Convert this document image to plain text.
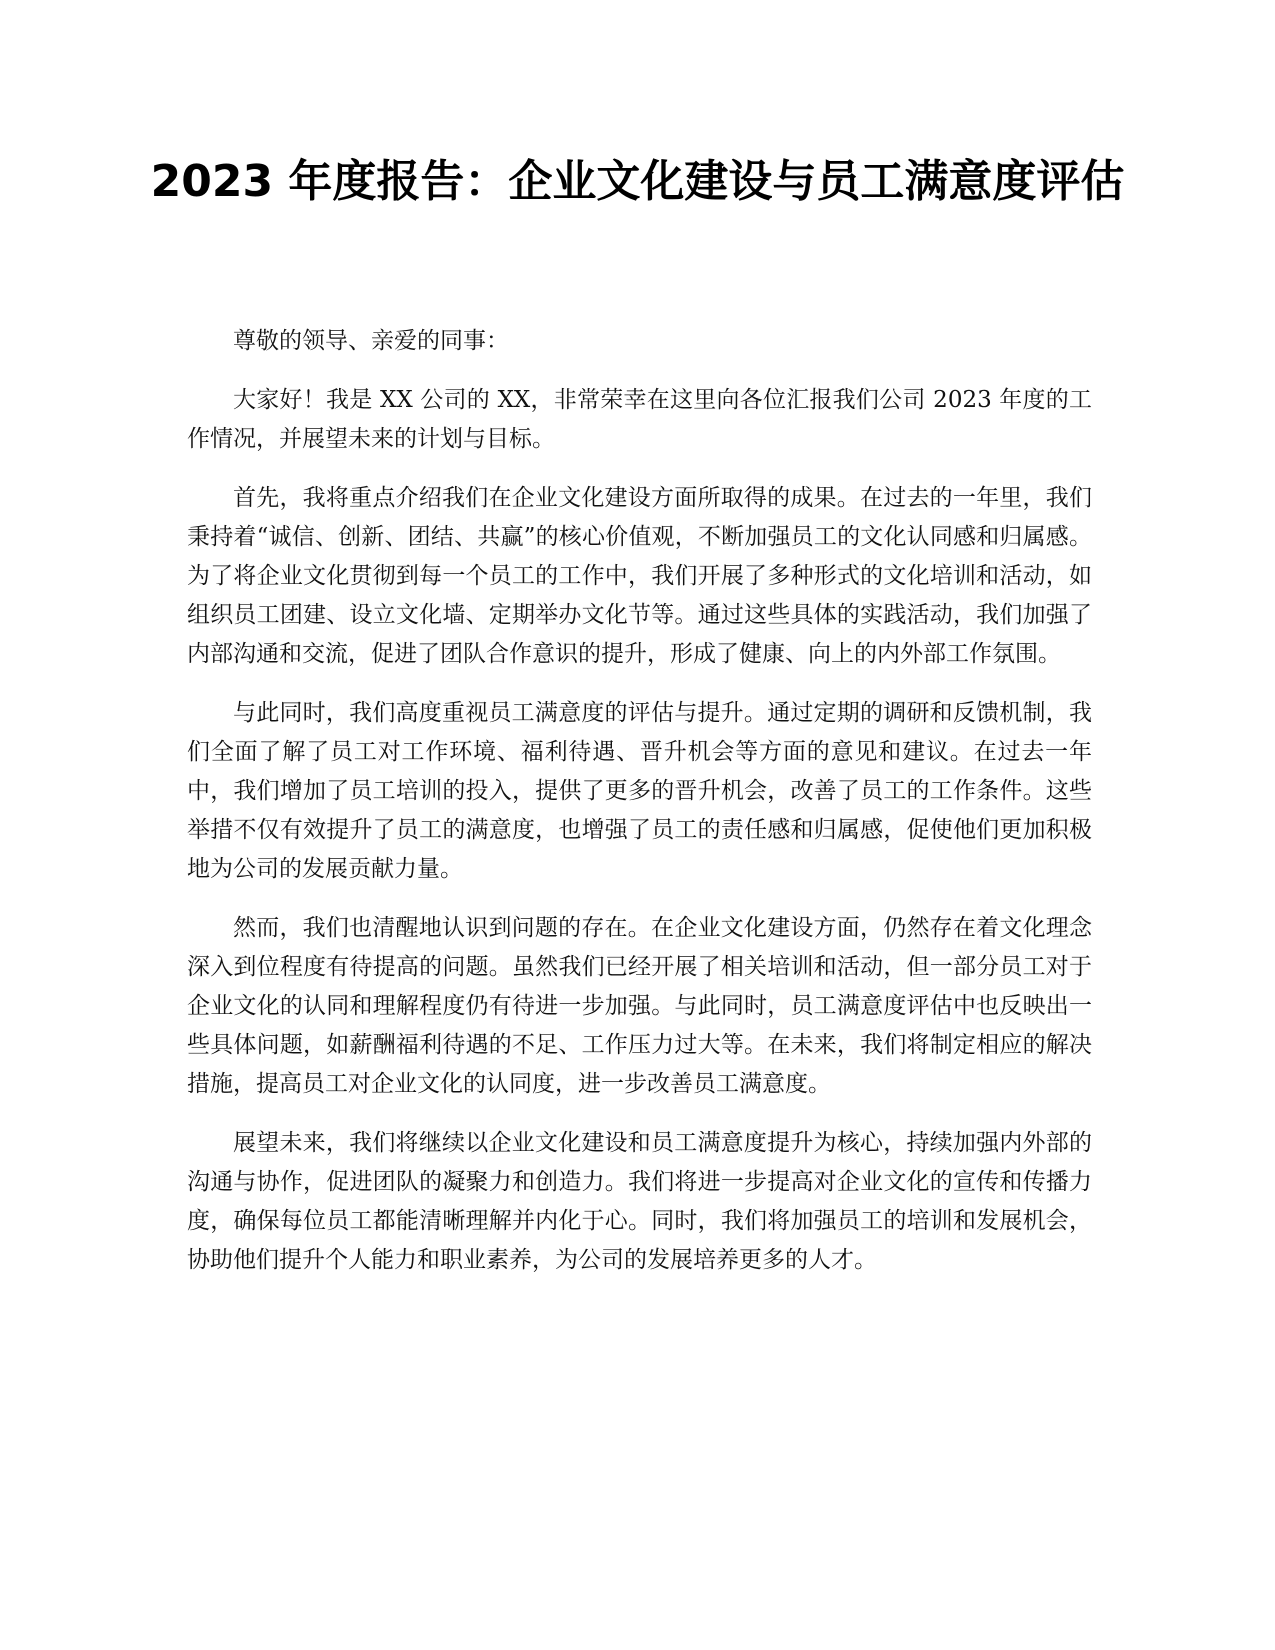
2023 年度报告：企业文化建设与员工满意度评估

尊敬的领导、亲爱的同事：

大家好！我是 XX 公司的 XX，非常荣幸在这里向各位汇报我们公司 2023 年度的工作情况，并展望未来的计划与目标。

首先，我将重点介绍我们在企业文化建设方面所取得的成果。在过去的一年里，我们秉持着“诚信、创新、团结、共赢”的核心价值观，不断加强员工的文化认同感和归属感。为了将企业文化贯彻到每一个员工的工作中，我们开展了多种形式的文化培训和活动，如组织员工团建、设立文化墙、定期举办文化节等。通过这些具体的实践活动，我们加强了内部沟通和交流，促进了团队合作意识的提升，形成了健康、向上的内外部工作氛围。

与此同时，我们高度重视员工满意度的评估与提升。通过定期的调研和反馈机制，我们全面了解了员工对工作环境、福利待遇、晋升机会等方面的意见和建议。在过去一年中，我们增加了员工培训的投入，提供了更多的晋升机会，改善了员工的工作条件。这些举措不仅有效提升了员工的满意度，也增强了员工的责任感和归属感，促使他们更加积极地为公司的发展贡献力量。

然而，我们也清醒地认识到问题的存在。在企业文化建设方面，仍然存在着文化理念深入到位程度有待提高的问题。虽然我们已经开展了相关培训和活动，但一部分员工对于企业文化的认同和理解程度仍有待进一步加强。与此同时，员工满意度评估中也反映出一些具体问题，如薪酬福利待遇的不足、工作压力过大等。在未来，我们将制定相应的解决措施，提高员工对企业文化的认同度，进一步改善员工满意度。

展望未来，我们将继续以企业文化建设和员工满意度提升为核心，持续加强内外部的沟通与协作，促进团队的凝聚力和创造力。我们将进一步提高对企业文化的宣传和传播力度，确保每位员工都能清晰理解并内化于心。同时，我们将加强员工的培训和发展机会，协助他们提升个人能力和职业素养，为公司的发展培养更多的人才。
